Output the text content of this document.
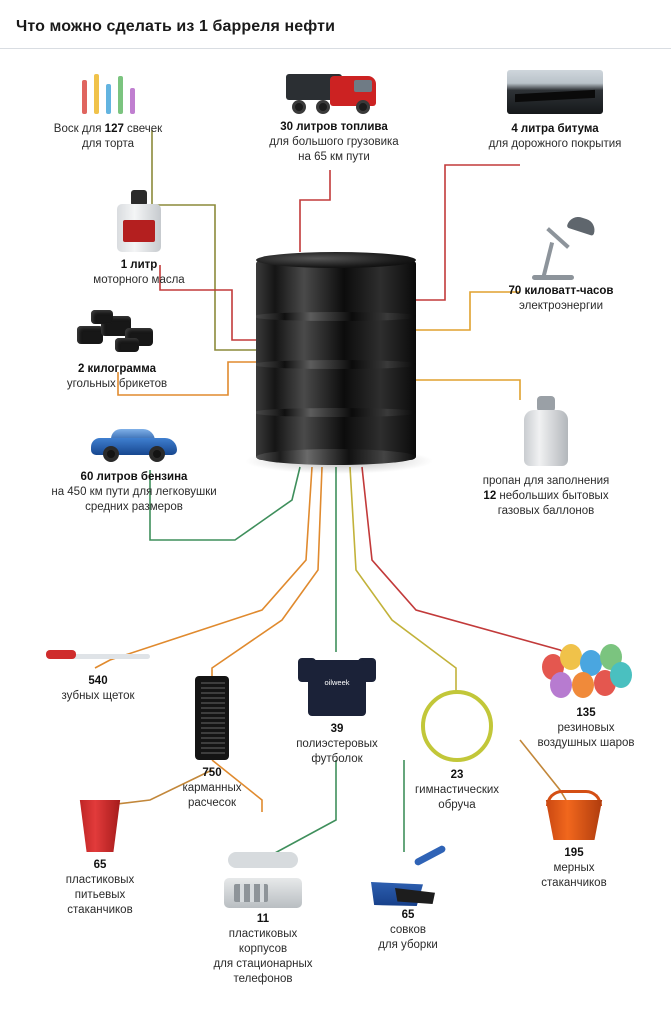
Что можно сделать из 1 барреля нефти
Воск для 127 свечек
для торта
30 литров топлива
для большого грузовика
на 65 км пути
4 литра битума
для дорожного покрытия
1 литр
моторного масла
2 килограмма
угольных брикетов
70 киловатт-часов
электроэнергии
60 литров бензина
на 450 км пути для легковушки
средних размеров
пропан для заполнения
12 небольших бытовых
газовых баллонов
540
зубных щеток
750
карманных
расчесок
oilweek
39
полиэстеровых
футболок
23
гимнастических
обруча
135
резиновых
воздушных шаров
65
пластиковых
питьевых
стаканчиков
11
пластиковых
корпусов
для стационарных
телефонов
65
совков
для уборки
195
мерных
стаканчиков
